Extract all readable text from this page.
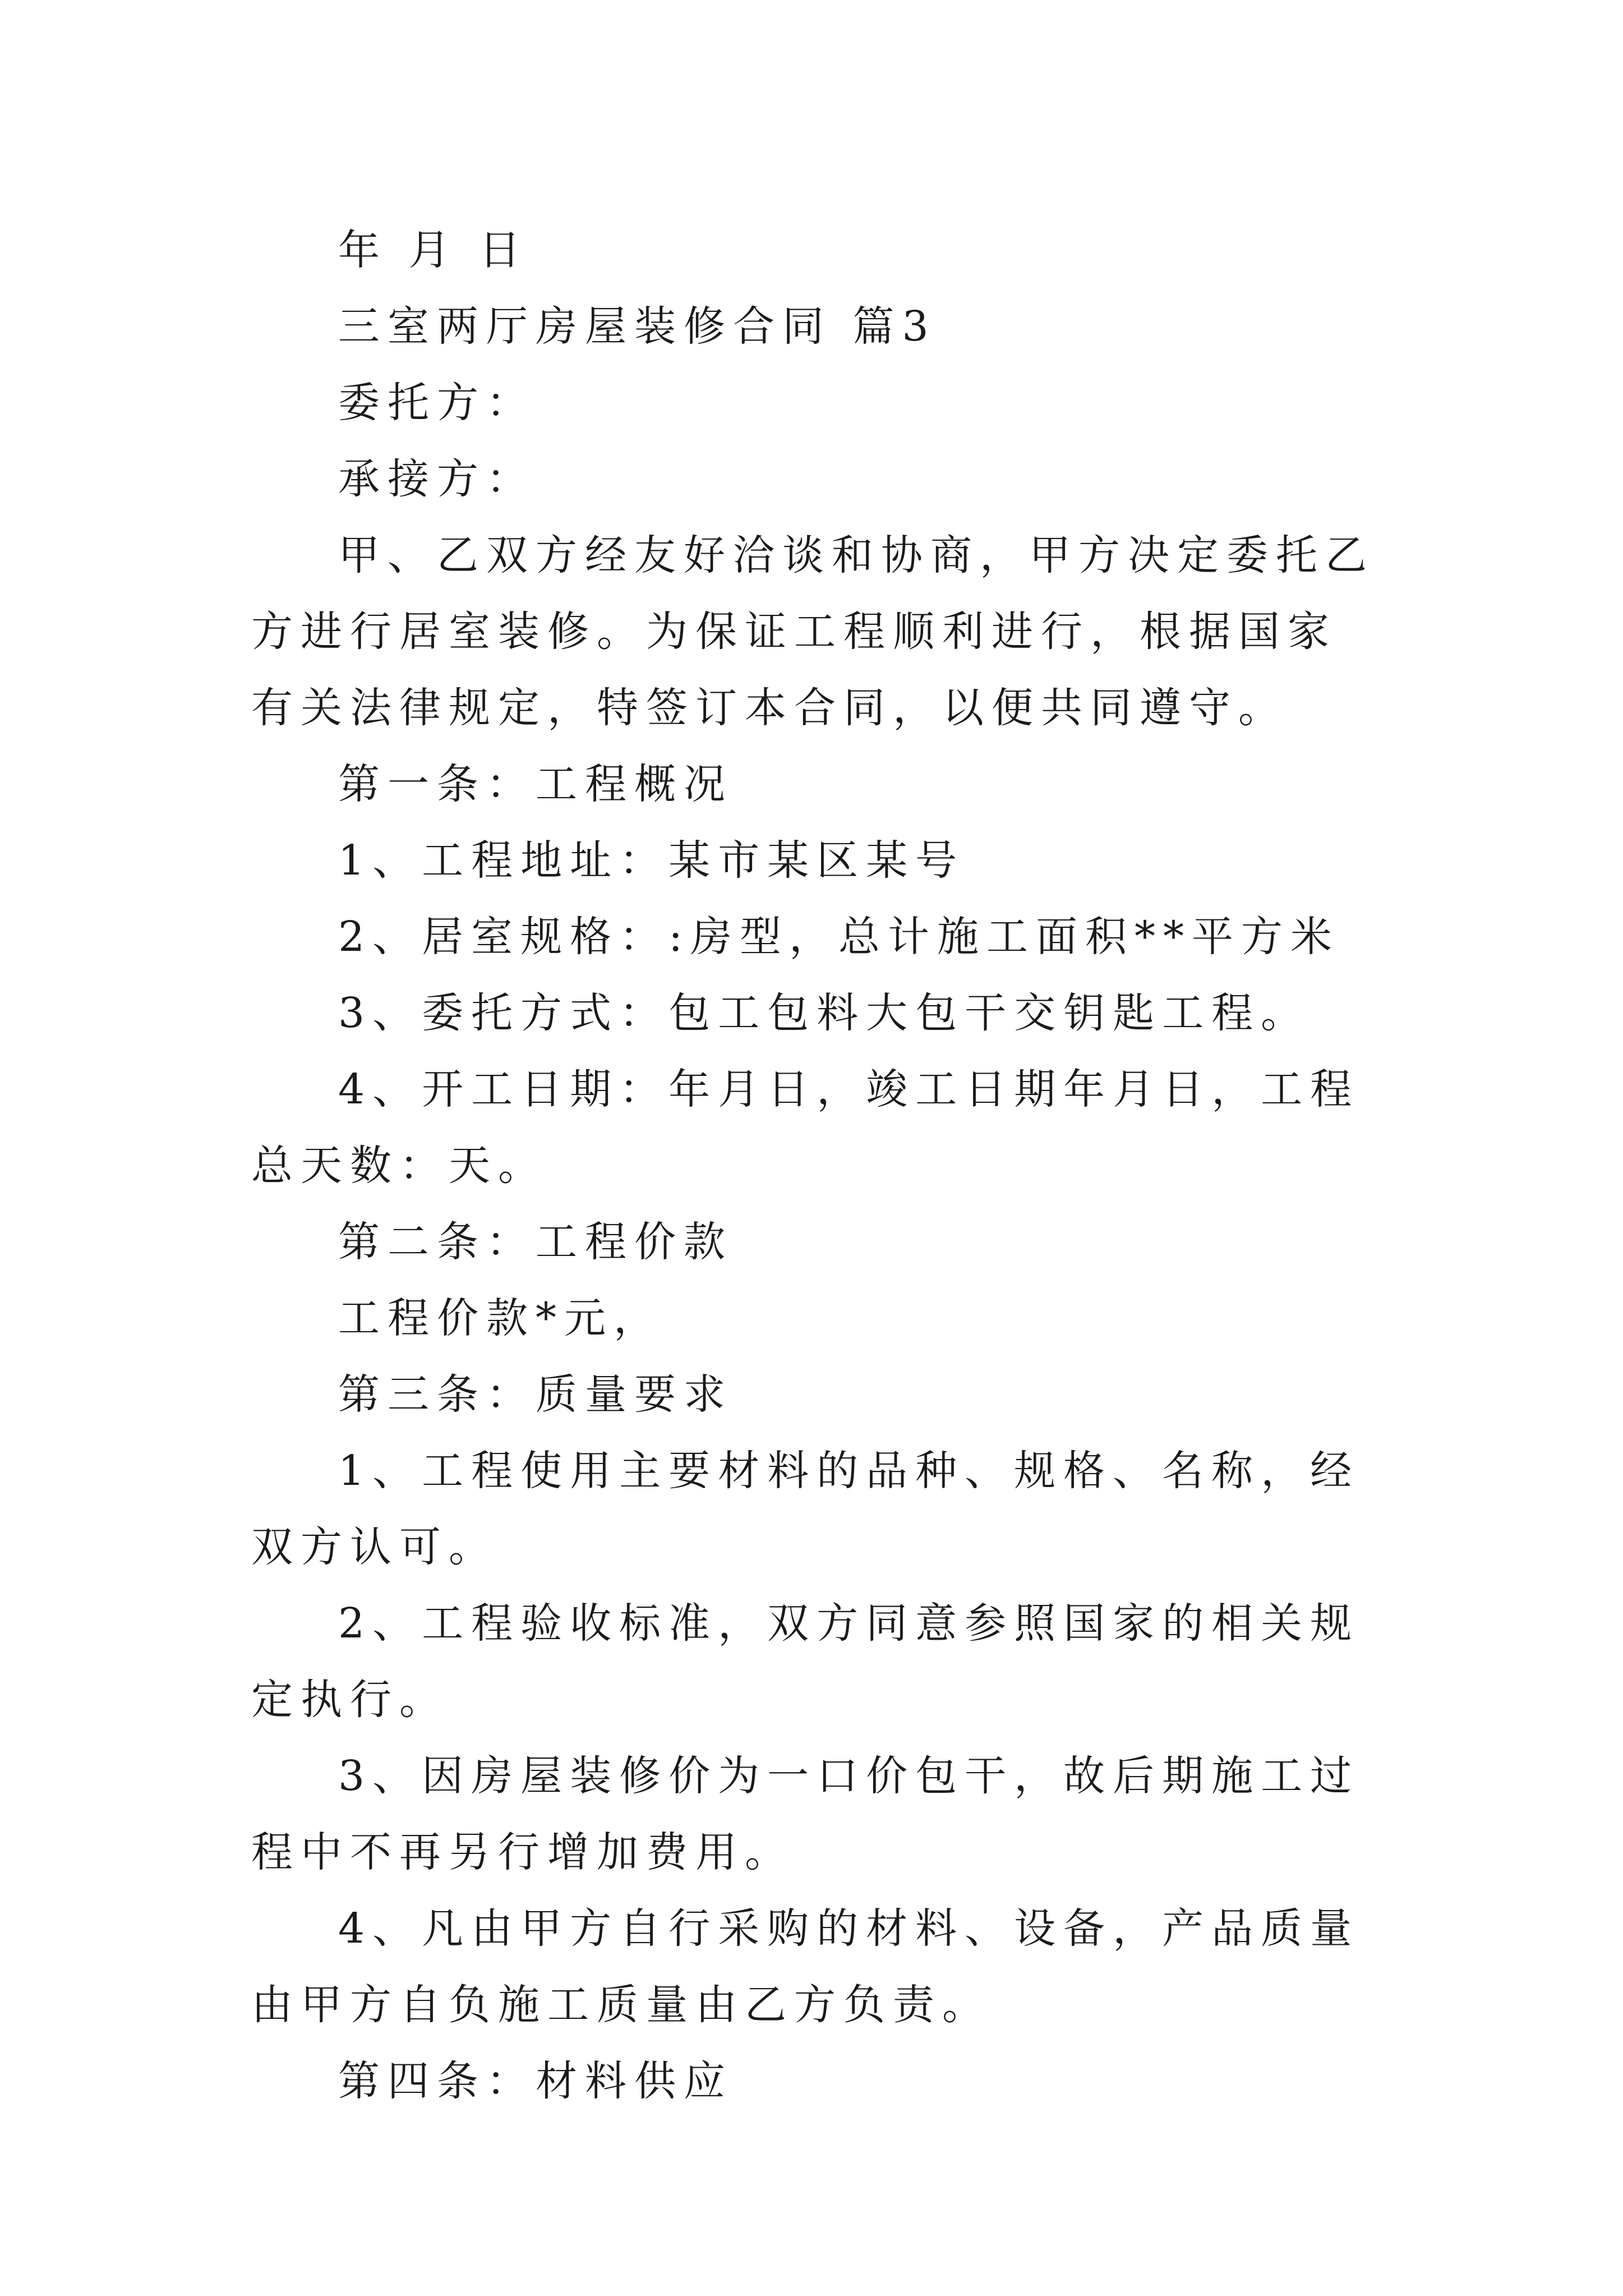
年 月 日

三室两厅房屋装修合同 篇3

委托方：

承接方：

甲、乙双方经友好洽谈和协商，甲方决定委托乙方进行居室装修。为保证工程顺利进行，根据国家有关法律规定，特签订本合同，以便共同遵守。

第一条：工程概况

1、工程地址：某市某区某号

2、居室规格：:房型，总计施工面积**平方米

3、委托方式：包工包料大包干交钥匙工程。

4、开工日期：年月日，竣工日期年月日，工程总天数：天。

第二条：工程价款

工程价款*元，

第三条：质量要求

1、工程使用主要材料的品种、规格、名称，经双方认可。

2、工程验收标准，双方同意参照国家的相关规定执行。

3、因房屋装修价为一口价包干，故后期施工过程中不再另行增加费用。

4、凡由甲方自行采购的材料、设备，产品质量由甲方自负施工质量由乙方负责。

第四条：材料供应
